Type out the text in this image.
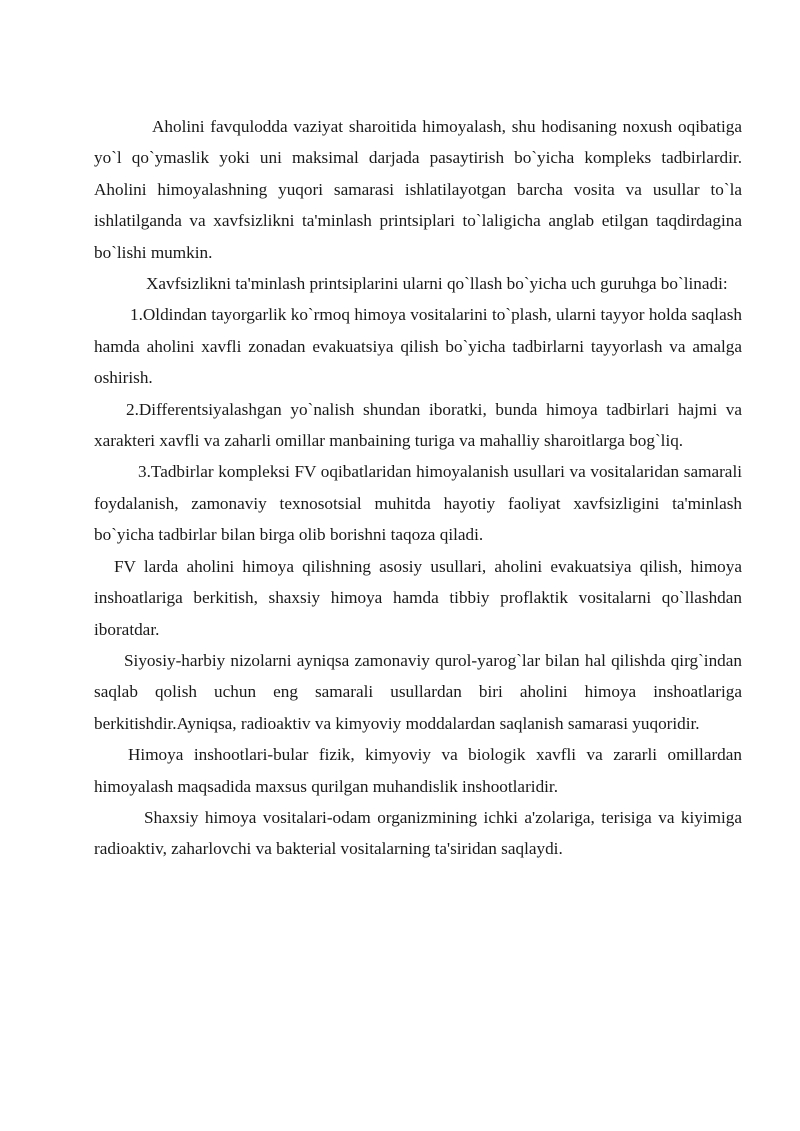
Aholini favqulodda vaziyat sharoitida himoyalash, shu hodisaning noxush oqibatiga yo`l qo`ymaslik yoki uni maksimal darjada pasaytirish bo`yicha kompleks tadbirlardir. Aholini himoyalashning yuqori samarasi ishlatilayotgan barcha vosita va usullar to`la ishlatilganda va xavfsizlikni ta'minlash printsiplari to`laligicha anglab etilgan taqdirdagina bo`lishi mumkin.

Xavfsizlikni ta'minlash printsiplarini ularni qo`llash bo`yicha uch guruhga bo`linadi:

1.Oldindan tayorgarlik ko`rmoq himoya vositalarini to`plash, ularni tayyor holda saqlash hamda aholini xavfli zonadan evakuatsiya qilish bo`yicha tadbirlarni tayyorlash va amalga oshirish.

2.Differentsiyalashgan yo`nalish shundan iboratki, bunda himoya tadbirlari hajmi va xarakteri xavfli va zaharli omillar manbaining turiga va mahalliy sharoitlarga bog`liq.

3.Tadbirlar kompleksi FV oqibatlaridan himoyalanish usullari va vositalaridan samarali foydalanish, zamonaviy texnosotsial muhitda hayotiy faoliyat xavfsizligini ta'minlash bo`yicha tadbirlar bilan birga olib borishni taqoza qiladi.

FV larda aholini himoya qilishning asosiy usullari, aholini evakuatsiya qilish, himoya inshoatlariga berkitish, shaxsiy himoya hamda tibbiy proflaktik vositalarni qo`llashdan iboratdar.

Siyosiy-harbiy nizolarni ayniqsa zamonaviy qurol-yarog`lar bilan hal qilishda qirg`indan saqlab qolish uchun eng samarali usullardan biri aholini himoya inshoatlariga berkitishdir.Ayniqsa, radioaktiv va kimyoviy moddalardan saqlanish samarasi yuqoridir.

Himoya inshootlari-bular fizik, kimyoviy va biologik xavfli va zararli omillardan himoyalash maqsadida maxsus qurilgan muhandislik inshootlaridir.

Shaxsiy himoya vositalari-odam organizmining ichki a'zolariga, terisiga va kiyimiga radioaktiv, zaharlovchi va bakterial vositalarning ta'siridan saqlaydi.
